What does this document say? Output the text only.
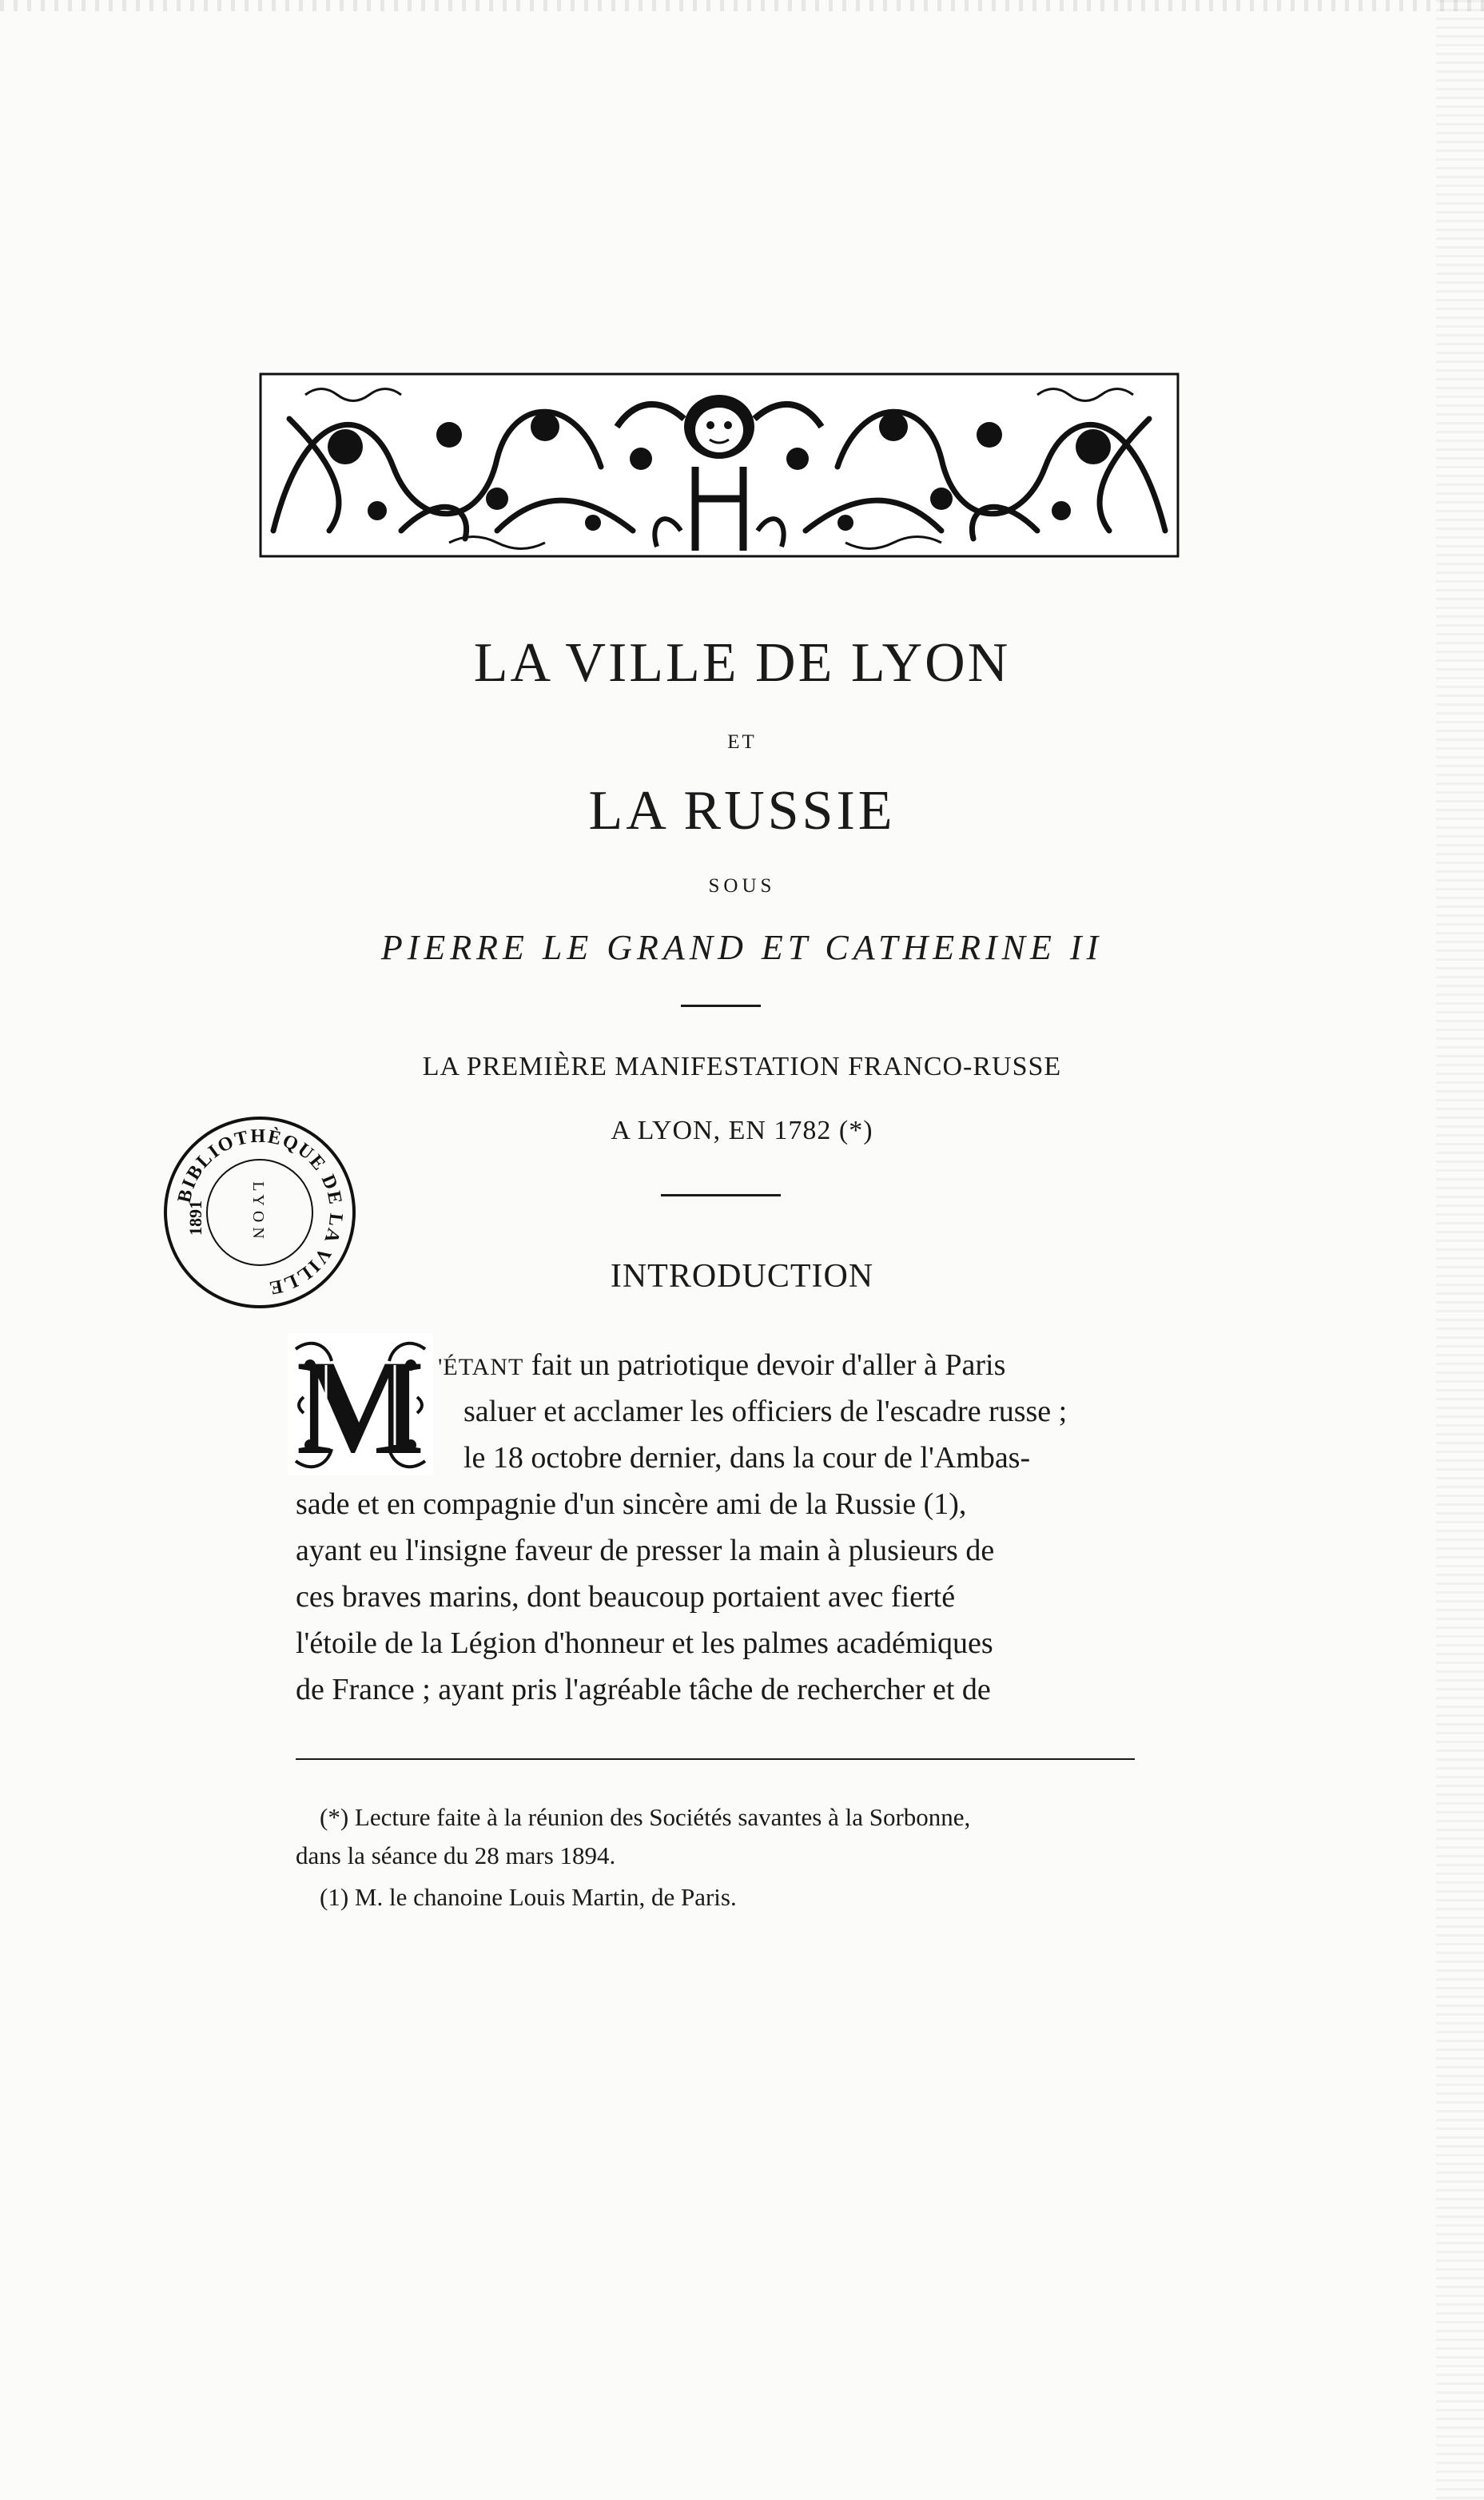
LA VILLE DE LYON
ET
LA RUSSIE
SOUS
PIERRE LE GRAND ET CATHERINE II
LA PREMIÈRE MANIFESTATION FRANCO-RUSSE
A LYON, EN 1782 (*)
INTRODUCTION
BIBLIOTHÈQUE DE LA VILLE
1891	LYON
M 'ÉTANT fait un patriotique devoir d'aller à Paris
saluer et acclamer les officiers de l'escadre russe ;
le 18 octobre dernier, dans la cour de l'Ambas-
sade et en compagnie d'un sincère ami de la Russie (1),
ayant eu l'insigne faveur de presser la main à plusieurs de
ces braves marins, dont beaucoup portaient avec fierté
l'étoile de la Légion d'honneur et les palmes académiques
de France ; ayant pris l'agréable tâche de rechercher et de
(*) Lecture faite à la réunion des Sociétés savantes à la Sorbonne,
dans la séance du 28 mars 1894.
(1) M. le chanoine Louis Martin, de Paris.
